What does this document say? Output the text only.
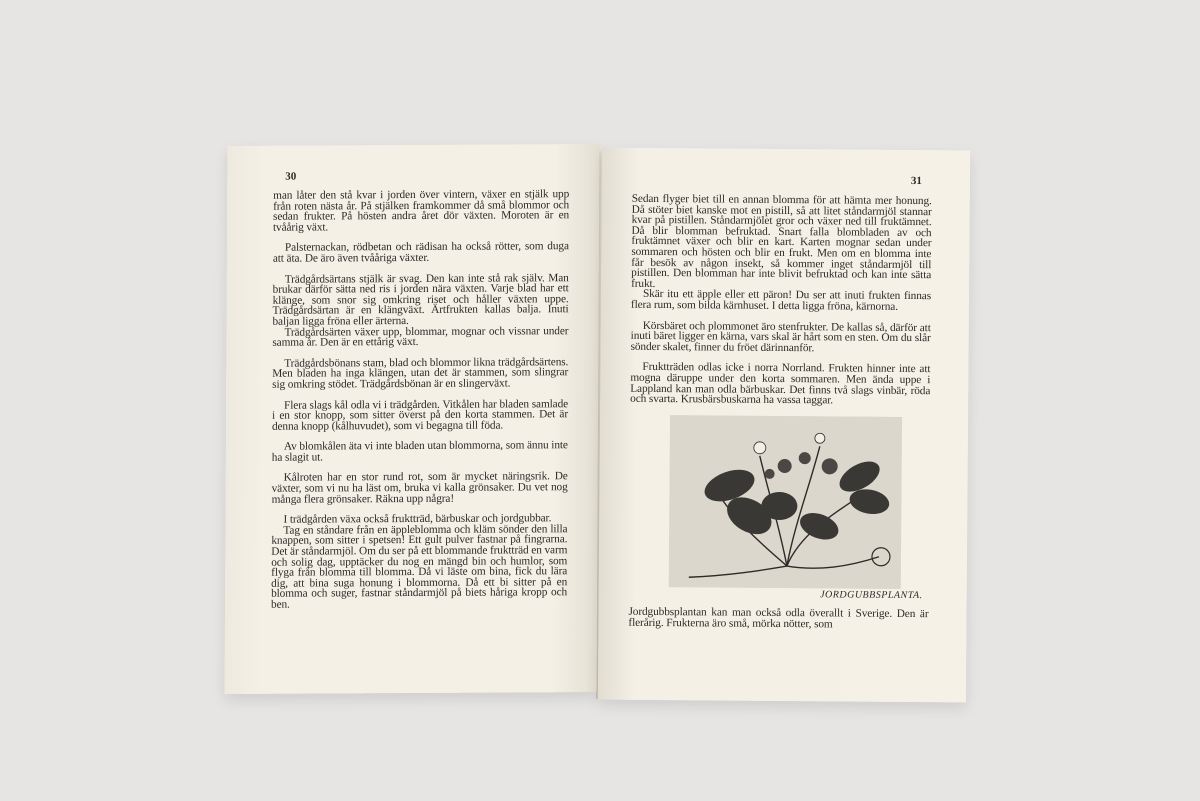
30

man låter den stå kvar i jorden över vintern, växer en stjälk upp från roten nästa år. På stjälken framkommer då små blommor och sedan frukter. På hösten andra året dör växten. Moroten är en tvåårig växt.

Palsternackan, rödbetan och rädisan ha också rötter, som duga att äta. De äro även tvååriga växter.

Trädgårdsärtans stjälk är svag. Den kan inte stå rak själv. Man brukar därför sätta ned ris i jorden nära växten. Varje blad har ett klänge, som snor sig omkring riset och håller växten uppe. Trädgårdsärtan är en klängväxt. Ärtfrukten kallas balja. Inuti baljan ligga fröna eller ärterna.

Trädgårdsärten växer upp, blommar, mognar och vissnar under samma år. Den är en ettårig växt.

Trädgårdsbönans stam, blad och blommor likna trädgårdsärtens. Men bladen ha inga klängen, utan det är stammen, som slingrar sig omkring stödet. Trädgårdsbönan är en slingerväxt.

Flera slags kål odla vi i trädgården. Vitkålen har bladen samlade i en stor knopp, som sitter överst på den korta stammen. Det är denna knopp (kålhuvudet), som vi begagna till föda.

Av blomkålen äta vi inte bladen utan blommorna, som ännu inte ha slagit ut.

Kålroten har en stor rund rot, som är mycket näringsrik. De växter, som vi nu ha läst om, bruka vi kalla grönsaker. Du vet nog många flera grönsaker. Räkna upp några!

I trädgården växa också fruktträd, bärbuskar och jordgubbar.

Tag en ståndare från en äppleblomma och kläm sönder den lilla knappen, som sitter i spetsen! Ett gult pulver fastnar på fingrarna. Det är ståndarmjöl. Om du ser på ett blommande fruktträd en varm och solig dag, upptäcker du nog en mängd bin och humlor, som flyga från blomma till blomma. Då vi läste om bina, fick du lära dig, att bina suga honung i blommorna. Då ett bi sitter på en blomma och suger, fastnar ståndarmjöl på biets håriga kropp och ben.

31

Sedan flyger biet till en annan blomma för att hämta mer honung. Då stöter biet kanske mot en pistill, så att litet ståndarmjöl stannar kvar på pistillen. Ståndarmjölet gror och växer ned till fruktämnet. Då blir blomman befruktad. Snart falla blombladen av och fruktämnet växer och blir en kart. Karten mognar sedan under sommaren och hösten och blir en frukt. Men om en blomma inte får besök av någon insekt, så kommer inget ståndarmjöl till pistillen. Den blomman har inte blivit befruktad och kan inte sätta frukt.

Skär itu ett äpple eller ett päron! Du ser att inuti frukten finnas flera rum, som bilda kärnhuset. I detta ligga fröna, kärnorna.

Körsbäret och plommonet äro stenfrukter. De kallas så, därför att inuti bäret ligger en kärna, vars skal är hårt som en sten. Om du slår sönder skalet, finner du fröet därinnanför.

Fruktträden odlas icke i norra Norrland. Frukten hinner inte att mogna däruppe under den korta sommaren. Men ända uppe i Lappland kan man odla bärbuskar. Det finns två slags vinbär, röda och svarta. Krusbärsbuskarna ha vassa taggar.

JORDGUBBSPLANTA.

Jordgubbsplantan kan man också odla överallt i Sverige. Den är flerårig. Frukterna äro små, mörka nötter, som
